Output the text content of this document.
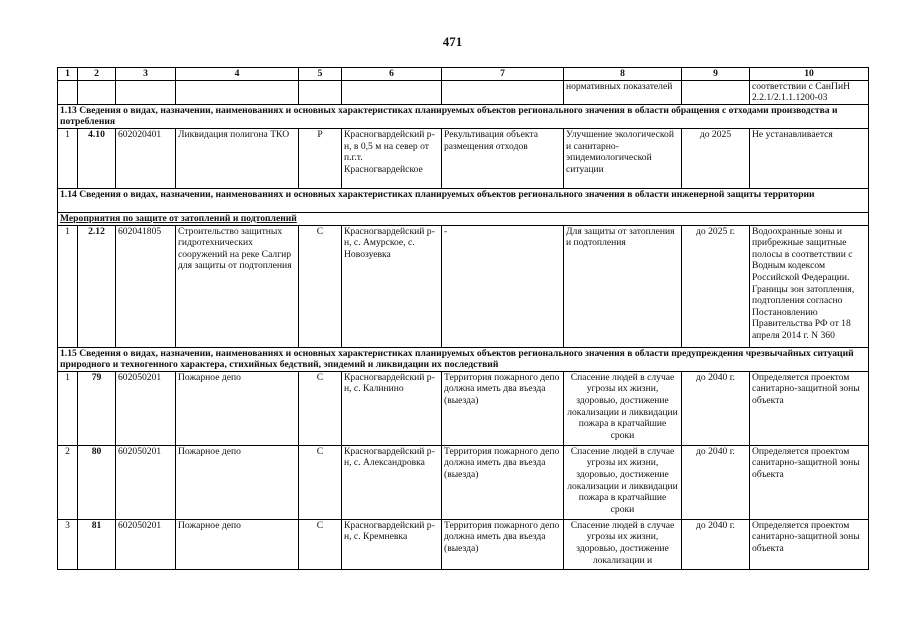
471
1	2	3	4	5	6	7	8	9	10
							нормативных показателей		соответствии с СанПиН 2.2.1/2.1.1.1200-03
1.13 Сведения о видах, назначении, наименованиях и основных характеристиках планируемых объектов регионального значения в области обращения с отходами производства и потребления									
1	4.10	602020401	Ликвидация полигона ТКО	Р	Красногвардейский р-н, в 0,5 м на север от п.г.т. Красногвардейское	Рекультивация объекта размещения отходов	Улучшение экологической и санитарно-эпидемиологической ситуации	до 2025	Не устанавливается
1.14 Сведения о видах, назначении, наименованиях и основных характеристиках планируемых объектов регионального значения в области инженерной защиты территории									
Мероприятия по защите от затоплений и подтоплений									
1	2.12	602041805	Строительство защитных гидротехнических сооружений на реке Салгир для защиты от подтопления	С	Красногвардейский р-н, с. Амурское, с. Новозуевка	-	Для защиты от затопления и подтопления	до 2025 г.	Водоохранные зоны и прибрежные защитные полосы в соответствии с Водным кодексом Российской Федерации. Границы зон затопления, подтопления согласно Постановлению Правительства РФ от 18 апреля 2014 г. N 360
1.15 Сведения о видах, назначении, наименованиях и основных характеристиках планируемых объектов регионального значения в области предупреждения чрезвычайных ситуаций природного и техногенного характера, стихийных бедствий, эпидемий и ликвидации их последствий									
1	79	602050201	Пожарное депо	С	Красногвардейский р-н, с. Калинино	Территория пожарного депо должна иметь два въезда (выезда)	Спасение людей в случае угрозы их жизни, здоровью, достижение локализации и ликвидации пожара в кратчайшие сроки	до 2040 г.	Определяется проектом санитарно-защитной зоны объекта
2	80	602050201	Пожарное депо	С	Красногвардейский р-н, с. Александровка	Территория пожарного депо должна иметь два въезда (выезда)	Спасение людей в случае угрозы их жизни, здоровью, достижение локализации и ликвидации пожара в кратчайшие сроки	до 2040 г.	Определяется проектом санитарно-защитной зоны объекта
3	81	602050201	Пожарное депо	С	Красногвардейский р-н, с. Кремневка	Территория пожарного депо должна иметь два въезда (выезда)	Спасение людей в случае угрозы их жизни, здоровью, достижение локализации и	до 2040 г.	Определяется проектом санитарно-защитной зоны объекта
